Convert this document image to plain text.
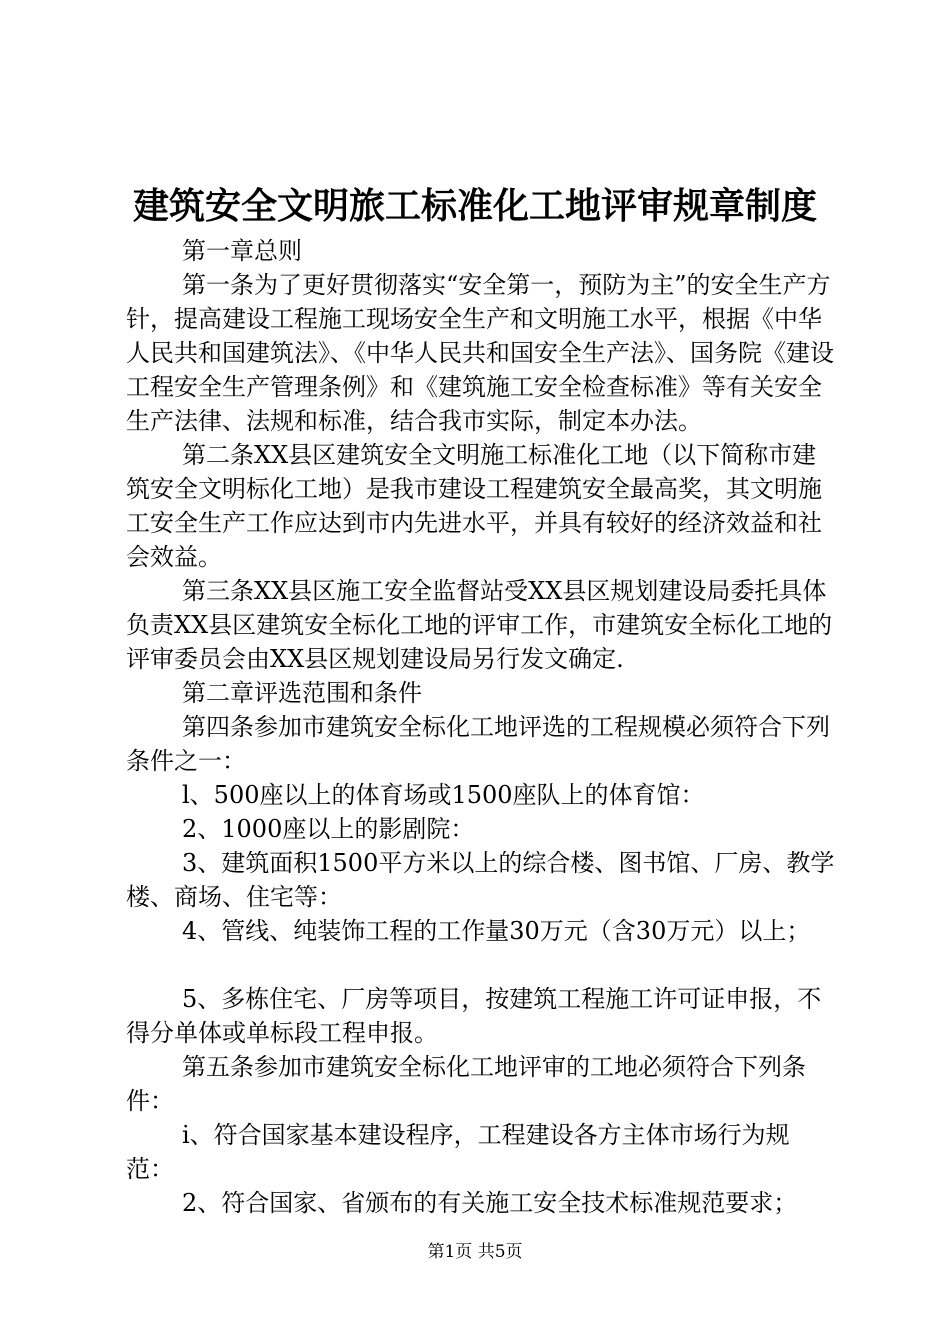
建筑安全文明旅工标准化工地评审规章制度

第一章总则

第一条为了更好贯彻落实“安全第一，预防为主”的安全生产方针，提高建设工程施工现场安全生产和文明施工水平，根据《中华人民共和国建筑法》、《中华人民共和国安全生产法》、国务院《建设工程安全生产管理条例》和《建筑施工安全检查标准》等有关安全生产法律、法规和标准，结合我市实际，制定本办法。

第二条XX县区建筑安全文明施工标准化工地（以下简称市建筑安全文明标化工地）是我市建设工程建筑安全最高奖，其文明施工安全生产工作应达到市内先进水平，并具有较好的经济效益和社会效益。

第三条XX县区施工安全监督站受XX县区规划建设局委托具体负责XX县区建筑安全标化工地的评审工作，市建筑安全标化工地的评审委员会由XX县区规划建设局另行发文确定.

第二章评选范围和条件

第四条参加市建筑安全标化工地评选的工程规模必须符合下列条件之一：

l、500座以上的体育场或1500座队上的体育馆：

2、1000座以上的影剧院：

3、建筑面积1500平方米以上的综合楼、图书馆、厂房、教学楼、商场、住宅等：

4、管线、纯装饰工程的工作量30万元（含30万元）以上；

5、多栋住宅、厂房等项目，按建筑工程施工许可证申报，不得分单体或单标段工程申报。

第五条参加市建筑安全标化工地评审的工地必须符合下列条件：

i、符合国家基本建设程序，工程建设各方主体市场行为规范：

2、符合国家、省颁布的有关施工安全技术标准规范要求；

第1页 共5页
